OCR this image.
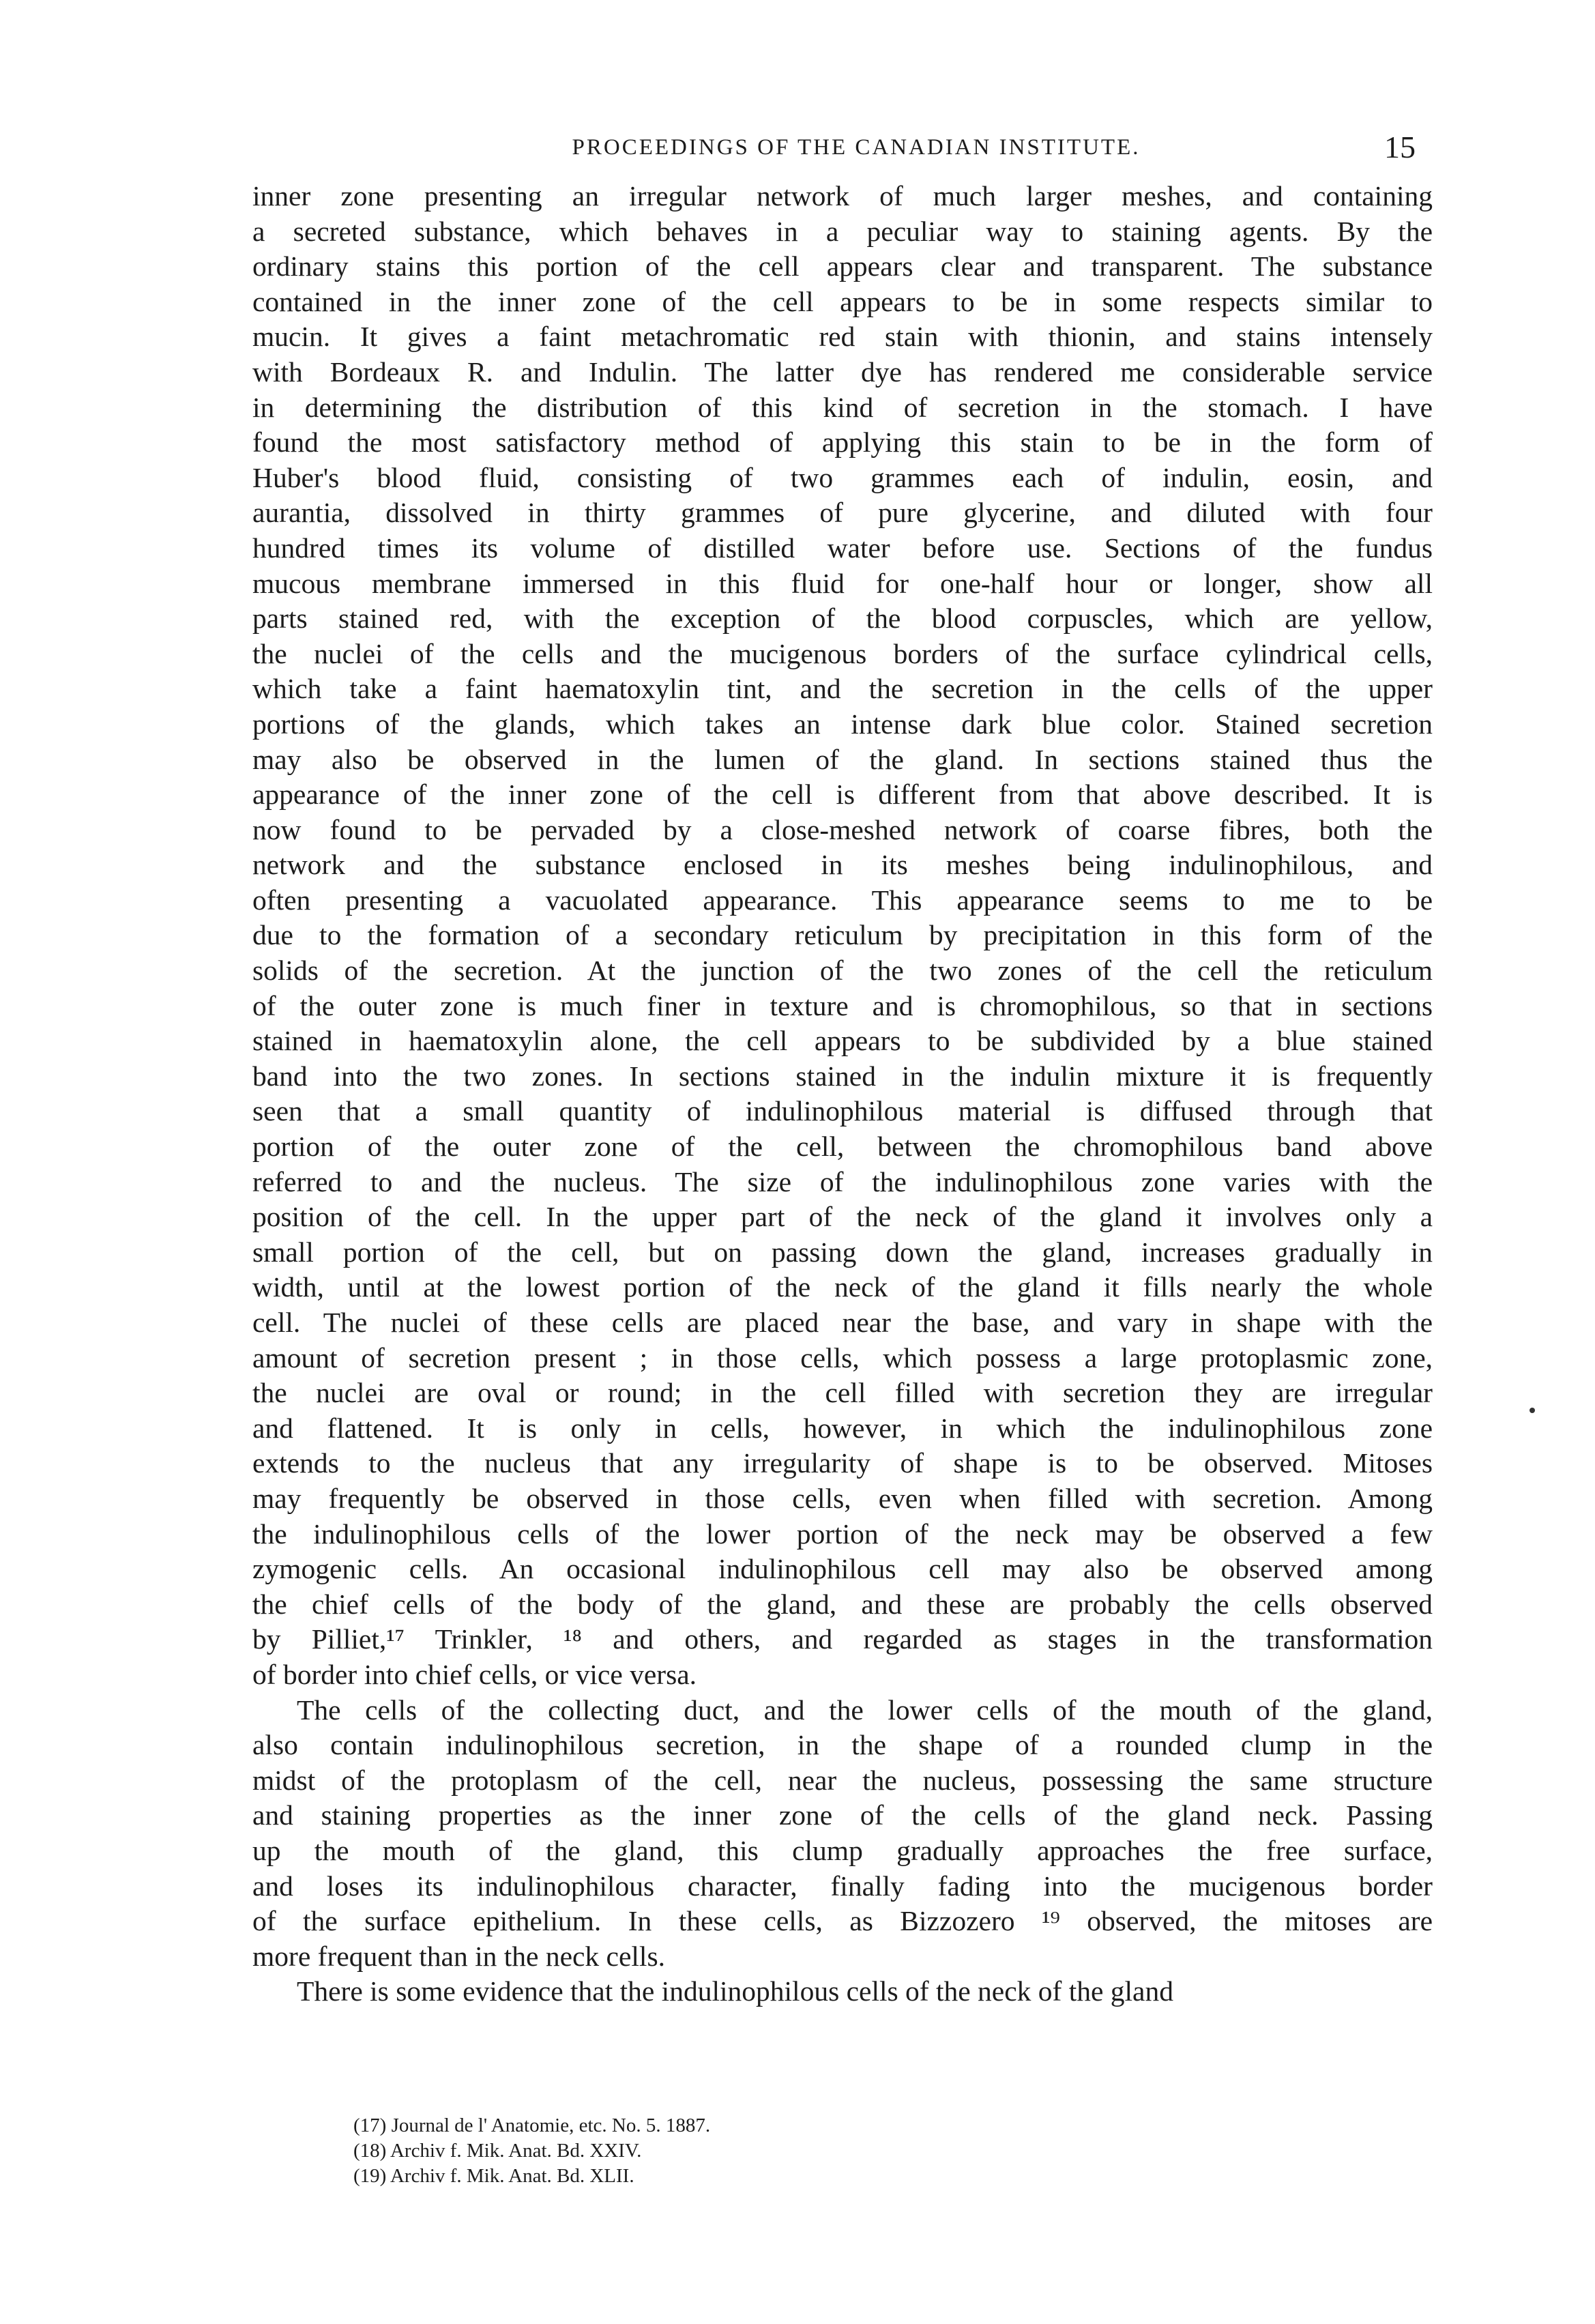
PROCEEDINGS OF THE CANADIAN INSTITUTE.	15
inner zone presenting an irregular network of much larger meshes, and containing
a secreted substance, which behaves in a peculiar way to staining agents. By the
ordinary stains this portion of the cell appears clear and transparent. The substance
contained in the inner zone of the cell appears to be in some respects similar to
mucin. It gives a faint metachromatic red stain with thionin, and stains intensely
with Bordeaux R. and Indulin. The latter dye has rendered me considerable service
in determining the distribution of this kind of secretion in the stomach. I have
found the most satisfactory method of applying this stain to be in the form of
Huber's blood fluid, consisting of two grammes each of indulin, eosin, and
aurantia, dissolved in thirty grammes of pure glycerine, and diluted with four
hundred times its volume of distilled water before use. Sections of the fundus
mucous membrane immersed in this fluid for one-half hour or longer, show all
parts stained red, with the exception of the blood corpuscles, which are yellow,
the nuclei of the cells and the mucigenous borders of the surface cylindrical cells,
which take a faint haematoxylin tint, and the secretion in the cells of the upper
portions of the glands, which takes an intense dark blue color. Stained secretion
may also be observed in the lumen of the gland. In sections stained thus the
appearance of the inner zone of the cell is different from that above described. It is
now found to be pervaded by a close-meshed network of coarse fibres, both the
network and the substance enclosed in its meshes being indulinophilous, and
often presenting a vacuolated appearance. This appearance seems to me to be
due to the formation of a secondary reticulum by precipitation in this form of the
solids of the secretion. At the junction of the two zones of the cell the reticulum
of the outer zone is much finer in texture and is chromophilous, so that in sections
stained in haematoxylin alone, the cell appears to be subdivided by a blue stained
band into the two zones. In sections stained in the indulin mixture it is frequently
seen that a small quantity of indulinophilous material is diffused through that
portion of the outer zone of the cell, between the chromophilous band above
referred to and the nucleus. The size of the indulinophilous zone varies with the
position of the cell. In the upper part of the neck of the gland it involves only a
small portion of the cell, but on passing down the gland, increases gradually in
width, until at the lowest portion of the neck of the gland it fills nearly the whole
cell. The nuclei of these cells are placed near the base, and vary in shape with the
amount of secretion present ; in those cells, which possess a large protoplasmic zone,
the nuclei are oval or round; in the cell filled with secretion they are irregular
and flattened. It is only in cells, however, in which the indulinophilous zone
extends to the nucleus that any irregularity of shape is to be observed. Mitoses
may frequently be observed in those cells, even when filled with secretion. Among
the indulinophilous cells of the lower portion of the neck may be observed a few
zymogenic cells. An occasional indulinophilous cell may also be observed among
the chief cells of the body of the gland, and these are probably the cells observed
by Pilliet,¹⁷ Trinkler, ¹⁸ and others, and regarded as stages in the transformation
of border into chief cells, or vice versa.
The cells of the collecting duct, and the lower cells of the mouth of the gland,
also contain indulinophilous secretion, in the shape of a rounded clump in the
midst of the protoplasm of the cell, near the nucleus, possessing the same structure
and staining properties as the inner zone of the cells of the gland neck. Passing
up the mouth of the gland, this clump gradually approaches the free surface,
and loses its indulinophilous character, finally fading into the mucigenous border
of the surface epithelium. In these cells, as Bizzozero ¹⁹ observed, the mitoses are
more frequent than in the neck cells.
There is some evidence that the indulinophilous cells of the neck of the gland
(17) Journal de l' Anatomie, etc. No. 5. 1887.
(18) Archiv f. Mik. Anat. Bd. XXIV.
(19) Archiv f. Mik. Anat. Bd. XLII.
